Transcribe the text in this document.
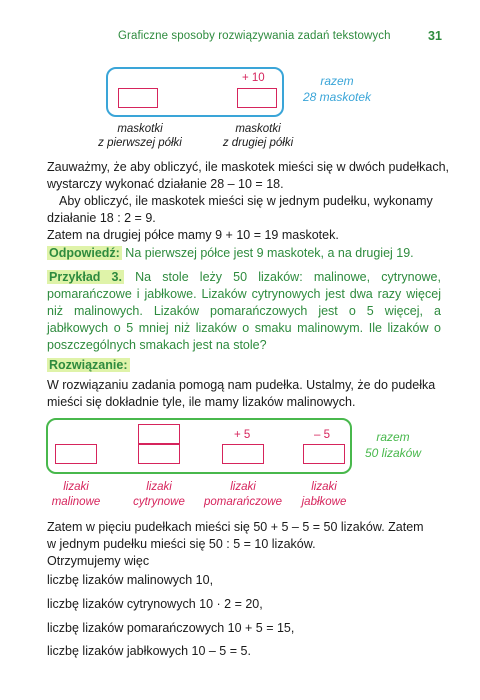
Graficzne sposoby rozwiązywania zadań tekstowych	31
+ 10	razem
28 maskotek
maskotki
z pierwszej półki
maskotki
z drugiej półki
Zauważmy, że aby obliczyć, ile maskotek mieści się w dwóch pudełkach,
wystarczy wykonać działanie 28 – 10 = 18.
Aby obliczyć, ile maskotek mieści się w jednym pudełku, wykonamy
działanie 18 : 2 = 9.
Zatem na drugiej półce mamy 9 + 10 = 19 maskotek.
Odpowiedź: Na pierwszej półce jest 9 maskotek, a na drugiej 19.
Przykład 3. Na stole leży 50 lizaków: malinowe, cytrynowe, pomarańczowe i jabłkowe. Lizaków cytrynowych jest dwa razy więcej niż malinowych. Lizaków pomarańczowych jest o 5 więcej, a jabłkowych o 5 mniej niż lizaków o smaku malinowym. Ile lizaków o poszczególnych smakach jest na stole?
Rozwiązanie:
W rozwiązaniu zadania pomogą nam pudełka. Ustalmy, że do pudełka
mieści się dokładnie tyle, ile mamy lizaków malinowych.
+ 5	– 5	razem
50 lizaków
lizaki
malinowe
lizaki
cytrynowe
lizaki
pomarańczowe
lizaki
jabłkowe
Zatem w pięciu pudełkach mieści się 50 + 5 – 5 = 50 lizaków. Zatem
w jednym pudełku mieści się 50 : 5 = 10 lizaków.
Otrzymujemy więc
liczbę lizaków malinowych 10,
liczbę lizaków cytrynowych 10 · 2 = 20,
liczbę lizaków pomarańczowych 10 + 5 = 15,
liczbę lizaków jabłkowych 10 – 5 = 5.
